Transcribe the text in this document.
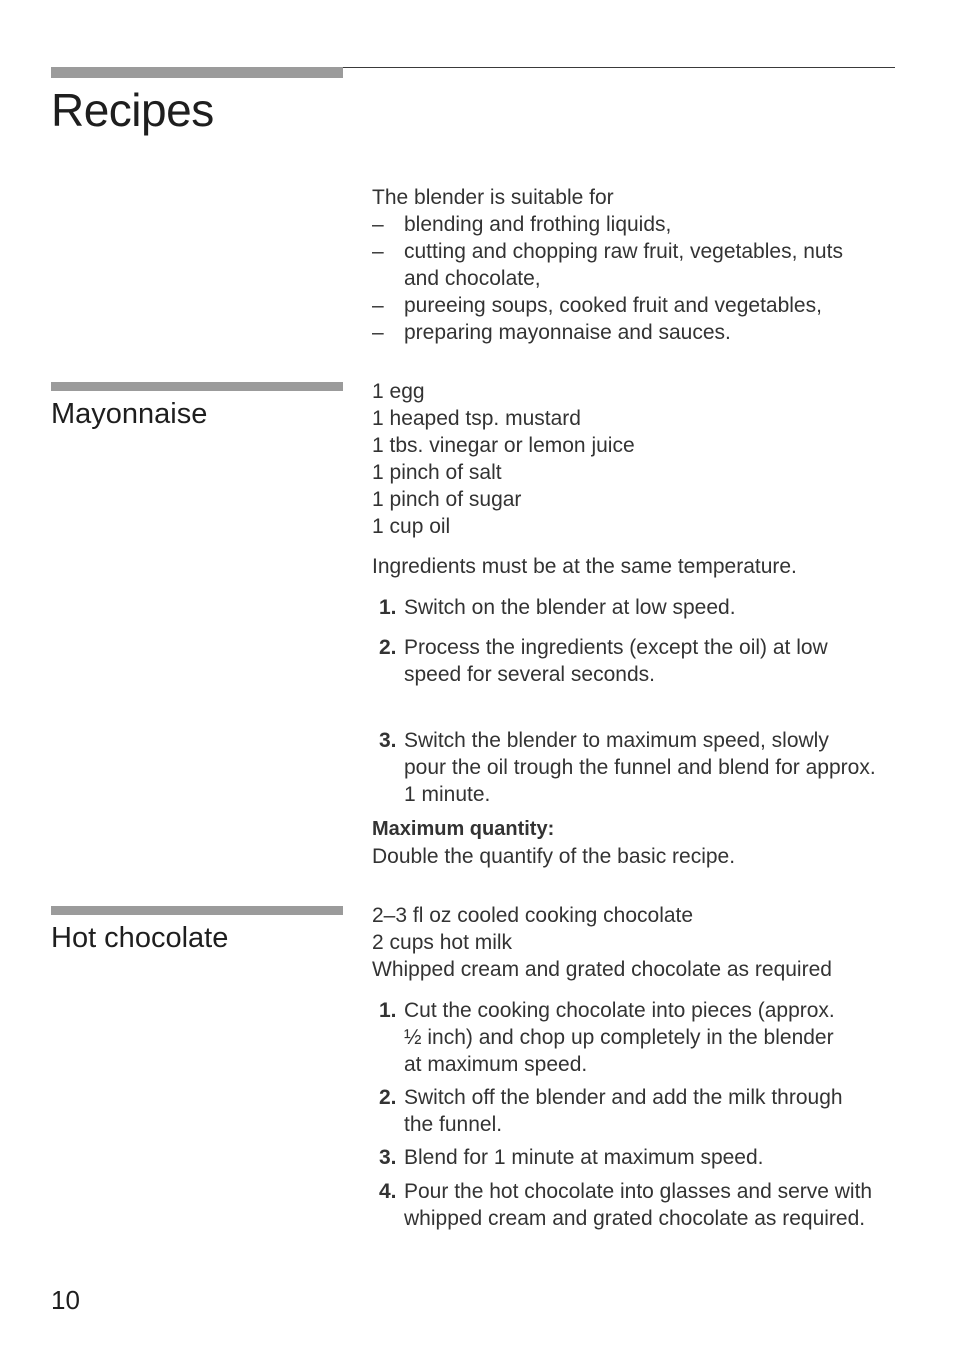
Recipes
The blender is suitable for
– blending and frothing liquids,
– cutting and chopping raw fruit, vegetables, nuts
and chocolate,
– pureeing soups, cooked fruit and vegetables,
– preparing mayonnaise and sauces.
Mayonnaise
1 egg
1 heaped tsp. mustard
1 tbs. vinegar or lemon juice
1 pinch of salt
1 pinch of sugar
1 cup oil
Ingredients must be at the same temperature.
1. Switch on the blender at low speed.
2. Process the ingredients (except the oil) at low
speed for several seconds.
3. Switch the blender to maximum speed, slowly
pour the oil trough the funnel and blend for approx.
1 minute.
Maximum quantity:
Double the quantify of the basic recipe.
Hot chocolate
2–3 fl oz cooled cooking chocolate
2 cups hot milk
Whipped cream and grated chocolate as required
1. Cut the cooking chocolate into pieces (approx.
½ inch) and chop up completely in the blender
at maximum speed.
2. Switch off the blender and add the milk through
the funnel.
3. Blend for 1 minute at maximum speed.
4. Pour the hot chocolate into glasses and serve with
whipped cream and grated chocolate as required.
10
